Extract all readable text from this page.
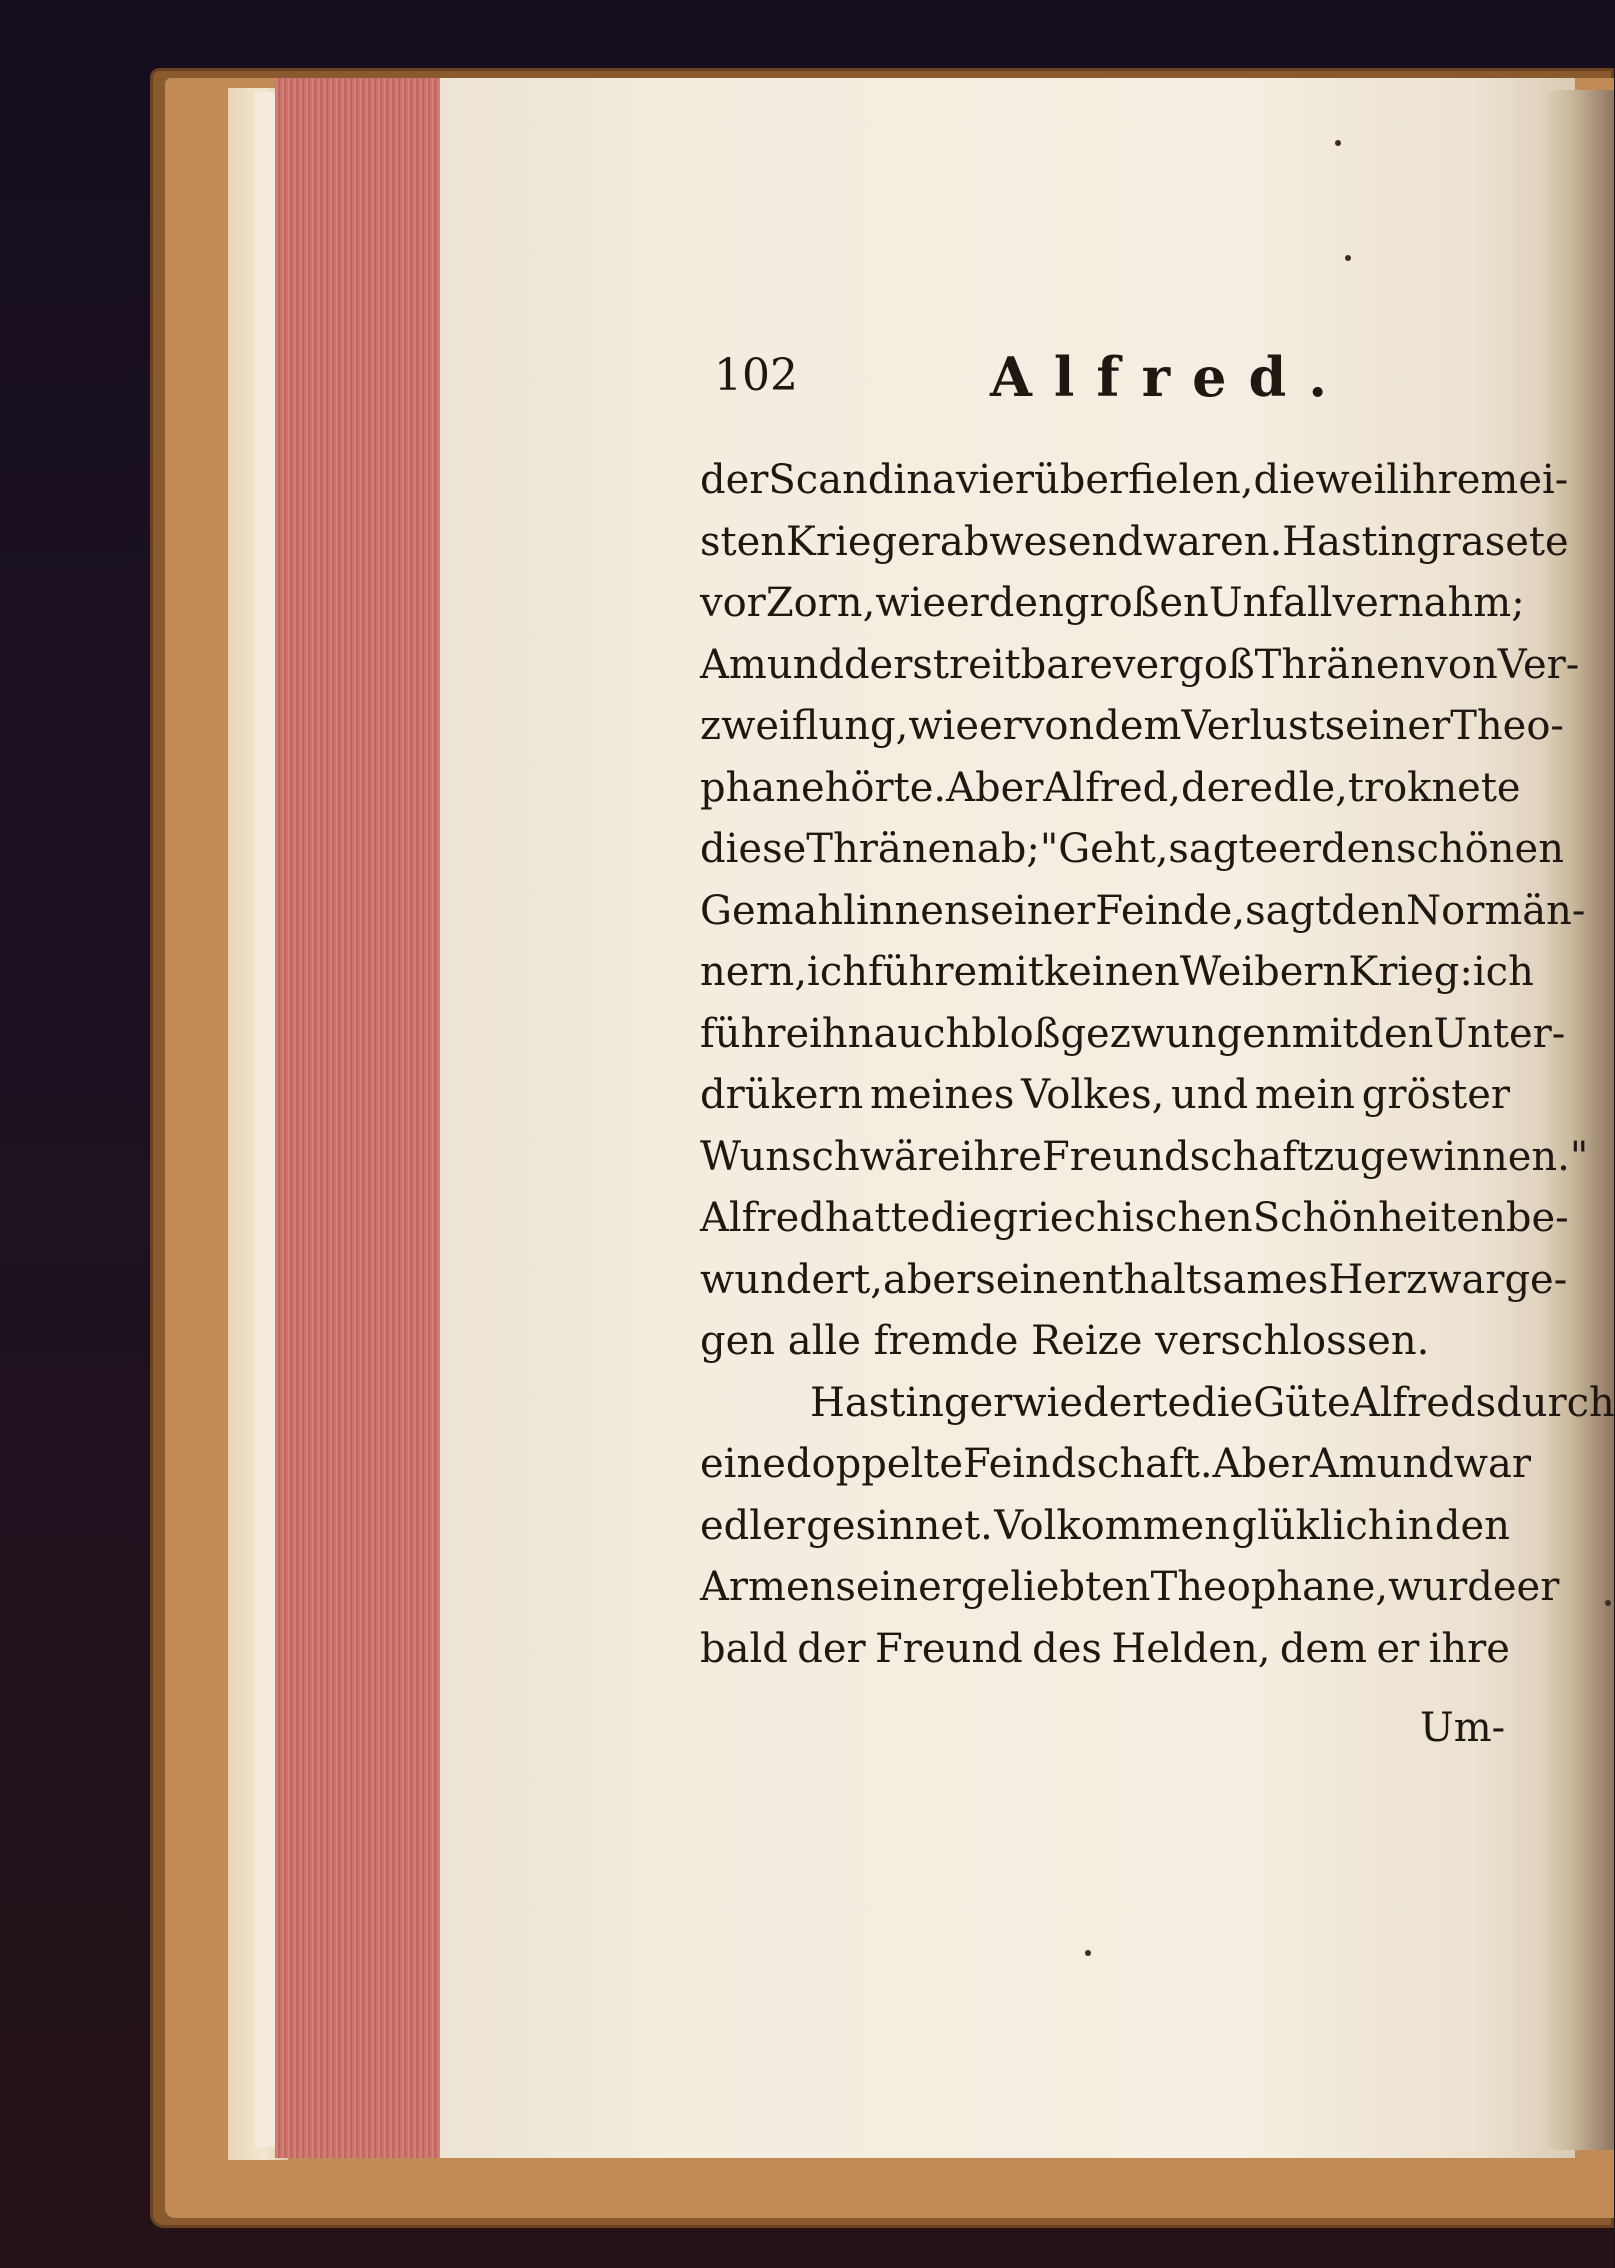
102	Alfred.
der Scandinavier überfielen, dieweil ihre mei-
sten Krieger abwesend waren. Hasting rasete
vor Zorn, wie er den großen Unfall vernahm;
Amund der streitbare vergoß Thränen von Ver-
zweiflung, wie er von dem Verlust seiner Theo-
phane hörte. Aber Alfred, der edle, troknete
diese Thränen ab; "Geht, sagte er den schönen
Gemahlinnen seiner Feinde, sagt den Normän-
nern, ich führe mit keinen Weibern Krieg: ich
führe ihn auch bloß gezwungen mit den Unter-
drükern meines Volkes, und mein gröster
Wunsch wäre ihre Freundschaft zu gewinnen."
Alfred hatte die griechischen Schönheiten be-
wundert, aber sein enthaltsames Herz war ge-
gen alle fremde Reize verschlossen.
Hasting erwiederte die Güte Alfreds durch
eine doppelte Feindschaft. Aber Amund war
edler gesinnet. Volkommen glüklich in den
Armen seiner geliebten Theophane, wurde er
bald der Freund des Helden, dem er ihre
Um-
